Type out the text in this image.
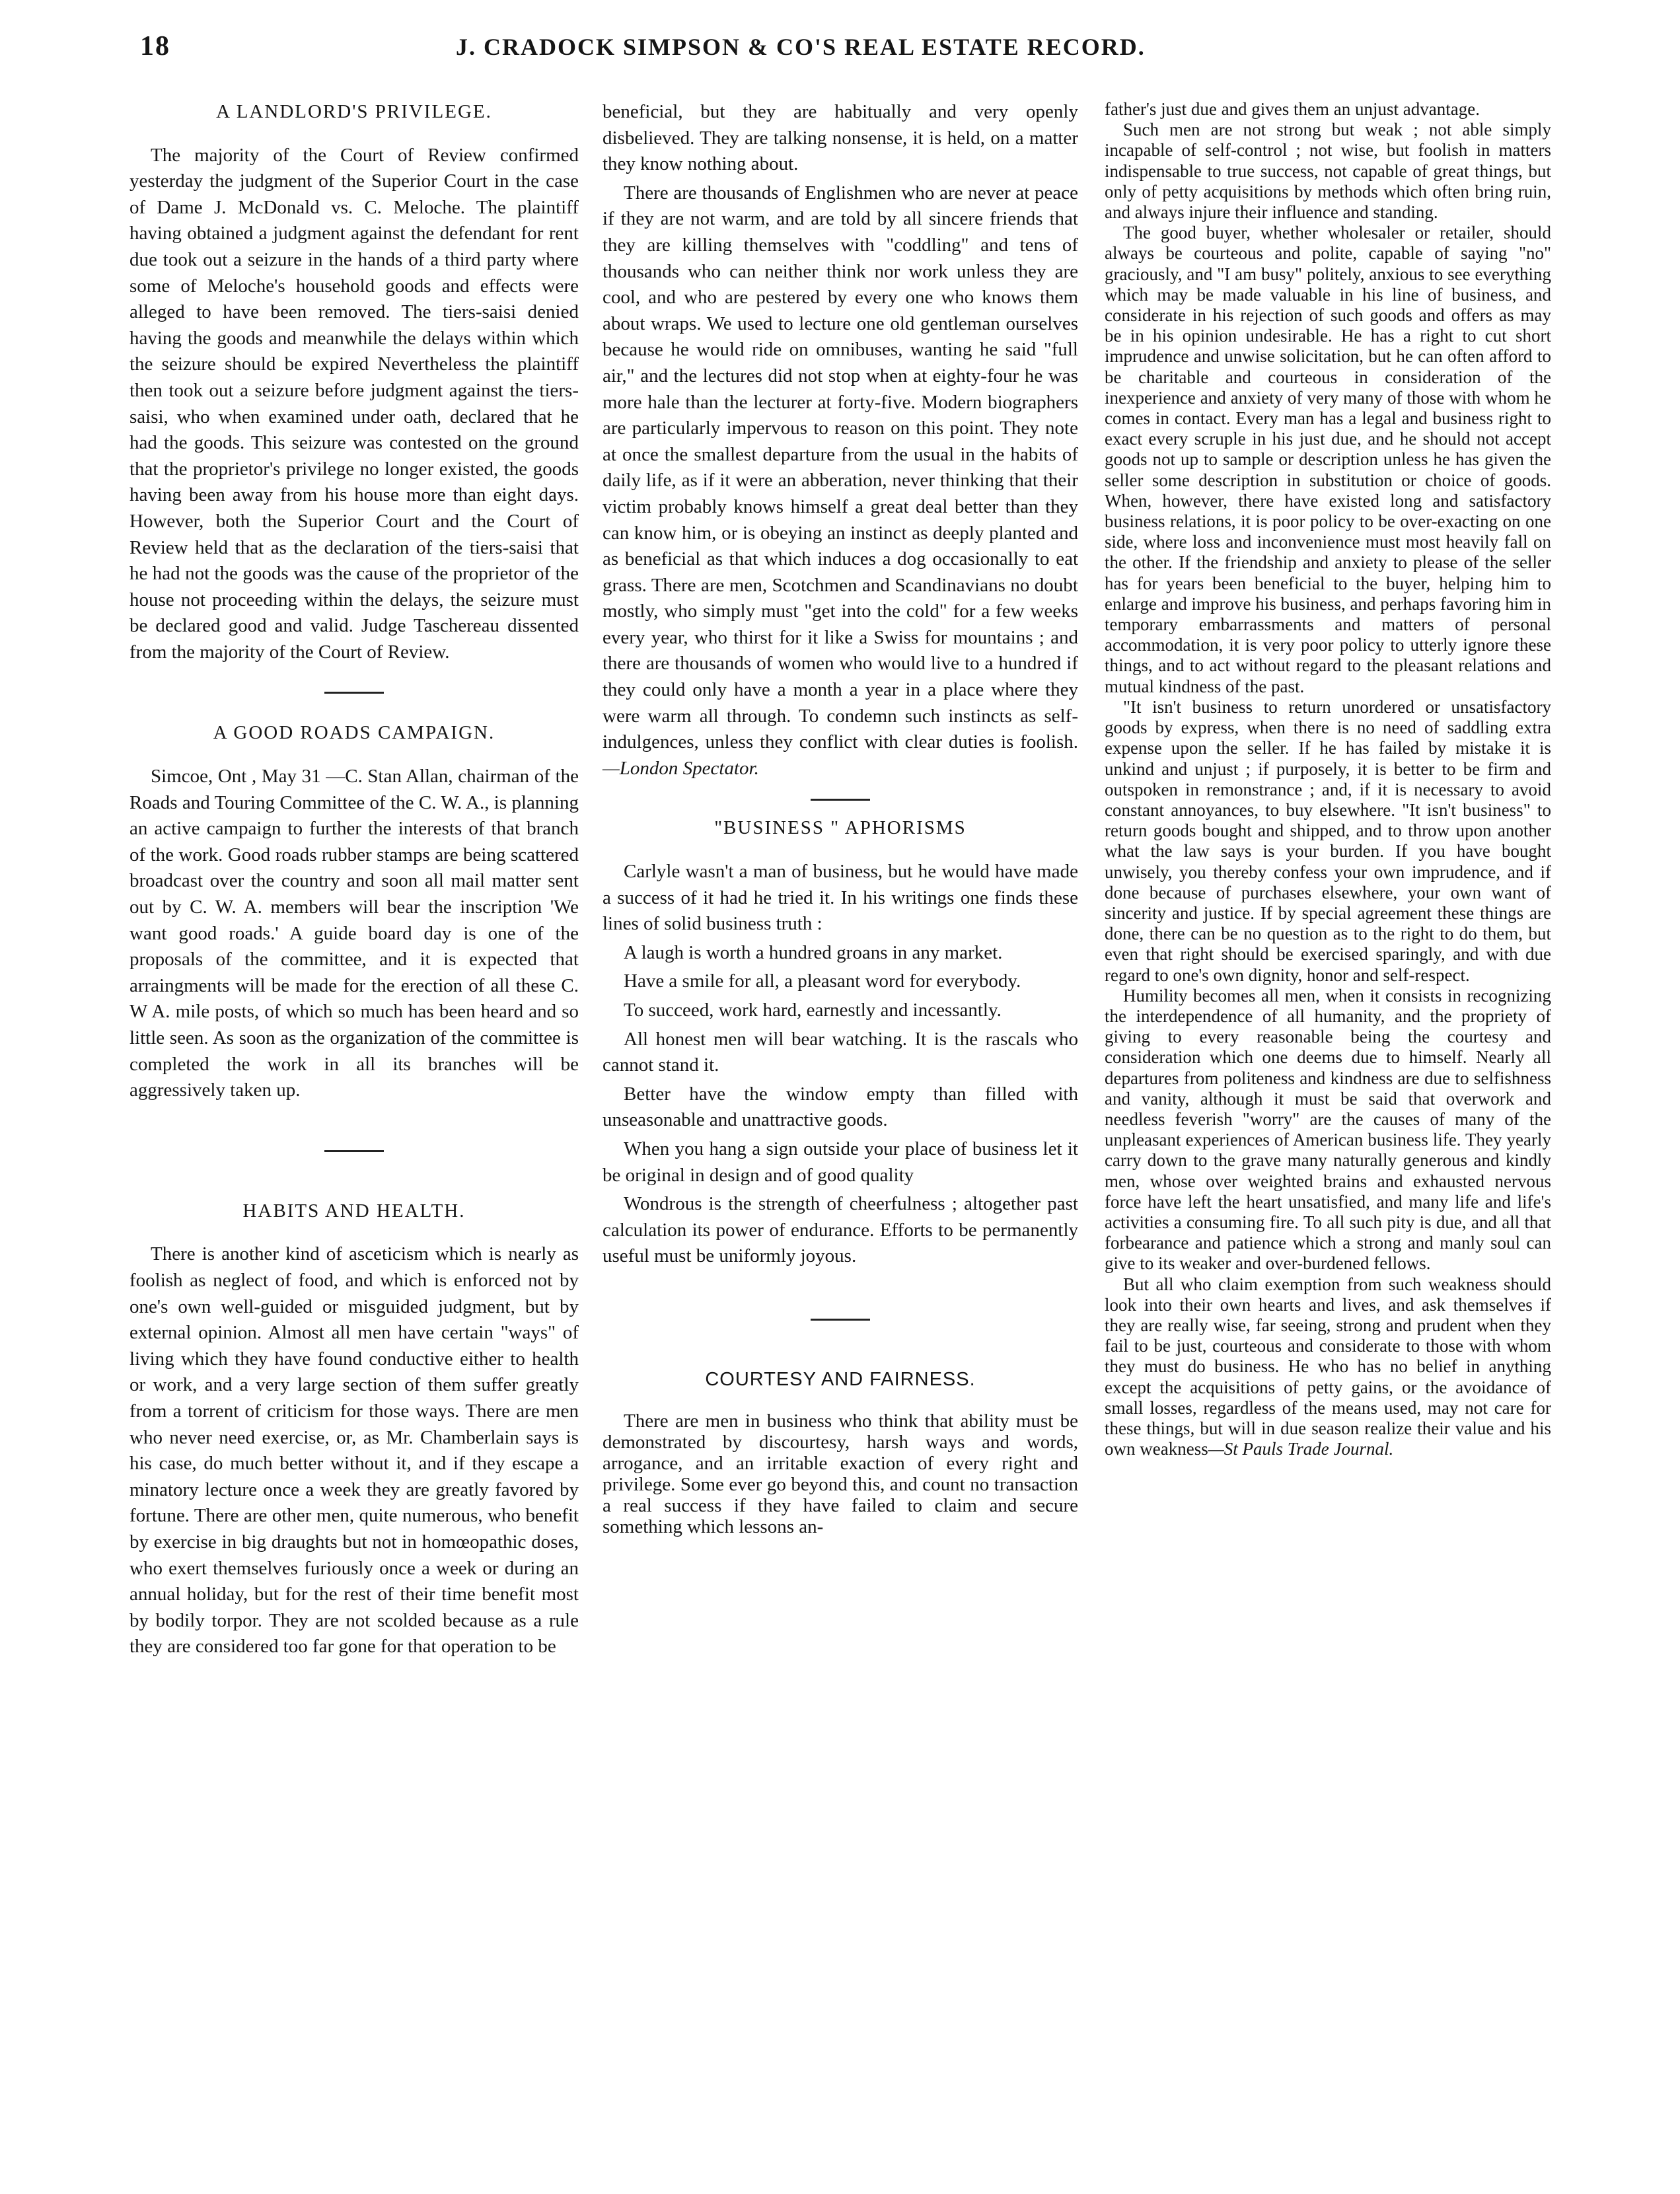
18	J. CRADOCK SIMPSON & CO'S REAL ESTATE RECORD.
A LANDLORD'S PRIVILEGE.

The majority of the Court of Review confirmed yesterday the judgment of the Superior Court in the case of Dame J. McDonald vs. C. Meloche. The plaintiff having obtained a judgment against the defendant for rent due took out a seizure in the hands of a third party where some of Meloche's household goods and effects were alleged to have been removed. The tiers-saisi denied having the goods and meanwhile the delays within which the seizure should be expired Nevertheless the plaintiff then took out a seizure before judgment against the tiers-saisi, who when examined under oath, declared that he had the goods. This seizure was contested on the ground that the proprietor's privilege no longer existed, the goods having been away from his house more than eight days. However, both the Superior Court and the Court of Review held that as the declaration of the tiers-saisi that he had not the goods was the cause of the proprietor of the house not proceeding within the delays, the seizure must be declared good and valid. Judge Taschereau dissented from the majority of the Court of Review.

A GOOD ROADS CAMPAIGN.

Simcoe, Ont , May 31 —C. Stan Allan, chairman of the Roads and Touring Committee of the C. W. A., is planning an active campaign to further the interests of that branch of the work. Good roads rubber stamps are being scattered broadcast over the country and soon all mail matter sent out by C. W. A. members will bear the inscription 'We want good roads.' A guide board day is one of the proposals of the committee, and it is expected that arraingments will be made for the erection of all these C. W A. mile posts, of which so much has been heard and so little seen. As soon as the organization of the committee is completed the work in all its branches will be aggressively taken up.

HABITS AND HEALTH.

There is another kind of asceticism which is nearly as foolish as neglect of food, and which is enforced not by one's own well-guided or misguided judgment, but by external opinion. Almost all men have certain "ways" of living which they have found conductive either to health or work, and a very large section of them suffer greatly from a torrent of criticism for those ways. There are men who never need exercise, or, as Mr. Chamberlain says is his case, do much better without it, and if they escape a minatory lecture once a week they are greatly favored by fortune. There are other men, quite numerous, who benefit by exercise in big draughts but not in homœopathic doses, who exert themselves furiously once a week or during an annual holiday, but for the rest of their time benefit most by bodily torpor. They are not scolded because as a rule they are considered too far gone for that operation to be

beneficial, but they are habitually and very openly disbelieved. They are talking nonsense, it is held, on a matter they know nothing about.

There are thousands of Englishmen who are never at peace if they are not warm, and are told by all sincere friends that they are killing themselves with "coddling" and tens of thousands who can neither think nor work unless they are cool, and who are pestered by every one who knows them about wraps. We used to lecture one old gentleman ourselves because he would ride on omnibuses, wanting he said "full air," and the lectures did not stop when at eighty-four he was more hale than the lecturer at forty-five. Modern biographers are particularly impervous to reason on this point. They note at once the smallest departure from the usual in the habits of daily life, as if it were an abberation, never thinking that their victim probably knows himself a great deal better than they can know him, or is obeying an instinct as deeply planted and as beneficial as that which induces a dog occasionally to eat grass. There are men, Scotchmen and Scandinavians no doubt mostly, who simply must "get into the cold" for a few weeks every year, who thirst for it like a Swiss for mountains ; and there are thousands of women who would live to a hundred if they could only have a month a year in a place where they were warm all through. To condemn such instincts as self-indulgences, unless they conflict with clear duties is foolish.—London Spectator.

"BUSINESS " APHORISMS

Carlyle wasn't a man of business, but he would have made a success of it had he tried it. In his writings one finds these lines of solid business truth :

A laugh is worth a hundred groans in any market.

Have a smile for all, a pleasant word for everybody.

To succeed, work hard, earnestly and incessantly.

All honest men will bear watching. It is the rascals who cannot stand it.

Better have the window empty than filled with unseasonable and unattractive goods.

When you hang a sign outside your place of business let it be original in design and of good quality

Wondrous is the strength of cheerfulness ; altogether past calculation its power of endurance. Efforts to be permanently useful must be uniformly joyous.

COURTESY AND FAIRNESS.

There are men in business who think that ability must be demonstrated by discourtesy, harsh ways and words, arrogance, and an irritable exaction of every right and privilege. Some ever go beyond this, and count no transaction a real success if they have failed to claim and secure something which lessons an-

father's just due and gives them an unjust advantage.

Such men are not strong but weak ; not able simply incapable of self-control ; not wise, but foolish in matters indispensable to true success, not capable of great things, but only of petty acquisitions by methods which often bring ruin, and always injure their influence and standing.

The good buyer, whether wholesaler or retailer, should always be courteous and polite, capable of saying "no" graciously, and "I am busy" politely, anxious to see everything which may be made valuable in his line of business, and considerate in his rejection of such goods and offers as may be in his opinion undesirable. He has a right to cut short imprudence and unwise solicitation, but he can often afford to be charitable and courteous in consideration of the inexperience and anxiety of very many of those with whom he comes in contact. Every man has a legal and business right to exact every scruple in his just due, and he should not accept goods not up to sample or description unless he has given the seller some description in substitution or choice of goods. When, however, there have existed long and satisfactory business relations, it is poor policy to be over-exacting on one side, where loss and inconvenience must most heavily fall on the other. If the friendship and anxiety to please of the seller has for years been beneficial to the buyer, helping him to enlarge and improve his business, and perhaps favoring him in temporary embarrassments and matters of personal accommodation, it is very poor policy to utterly ignore these things, and to act without regard to the pleasant relations and mutual kindness of the past.

"It isn't business to return unordered or unsatisfactory goods by express, when there is no need of saddling extra expense upon the seller. If he has failed by mistake it is unkind and unjust ; if purposely, it is better to be firm and outspoken in remonstrance ; and, if it is necessary to avoid constant annoyances, to buy elsewhere. "It isn't business" to return goods bought and shipped, and to throw upon another what the law says is your burden. If you have bought unwisely, you thereby confess your own imprudence, and if done because of purchases elsewhere, your own want of sincerity and justice. If by special agreement these things are done, there can be no question as to the right to do them, but even that right should be exercised sparingly, and with due regard to one's own dignity, honor and self-respect.

Humility becomes all men, when it consists in recognizing the interdependence of all humanity, and the propriety of giving to every reasonable being the courtesy and consideration which one deems due to himself. Nearly all departures from politeness and kindness are due to selfishness and vanity, although it must be said that overwork and needless feverish "worry" are the causes of many of the unpleasant experiences of American business life. They yearly carry down to the grave many naturally generous and kindly men, whose over weighted brains and exhausted nervous force have left the heart unsatisfied, and many life and life's activities a consuming fire. To all such pity is due, and all that forbearance and patience which a strong and manly soul can give to its weaker and over-burdened fellows.

But all who claim exemption from such weakness should look into their own hearts and lives, and ask themselves if they are really wise, far seeing, strong and prudent when they fail to be just, courteous and considerate to those with whom they must do business. He who has no belief in anything except the acquisitions of petty gains, or the avoidance of small losses, regardless of the means used, may not care for these things, but will in due season realize their value and his own weakness—St Pauls Trade Journal.
